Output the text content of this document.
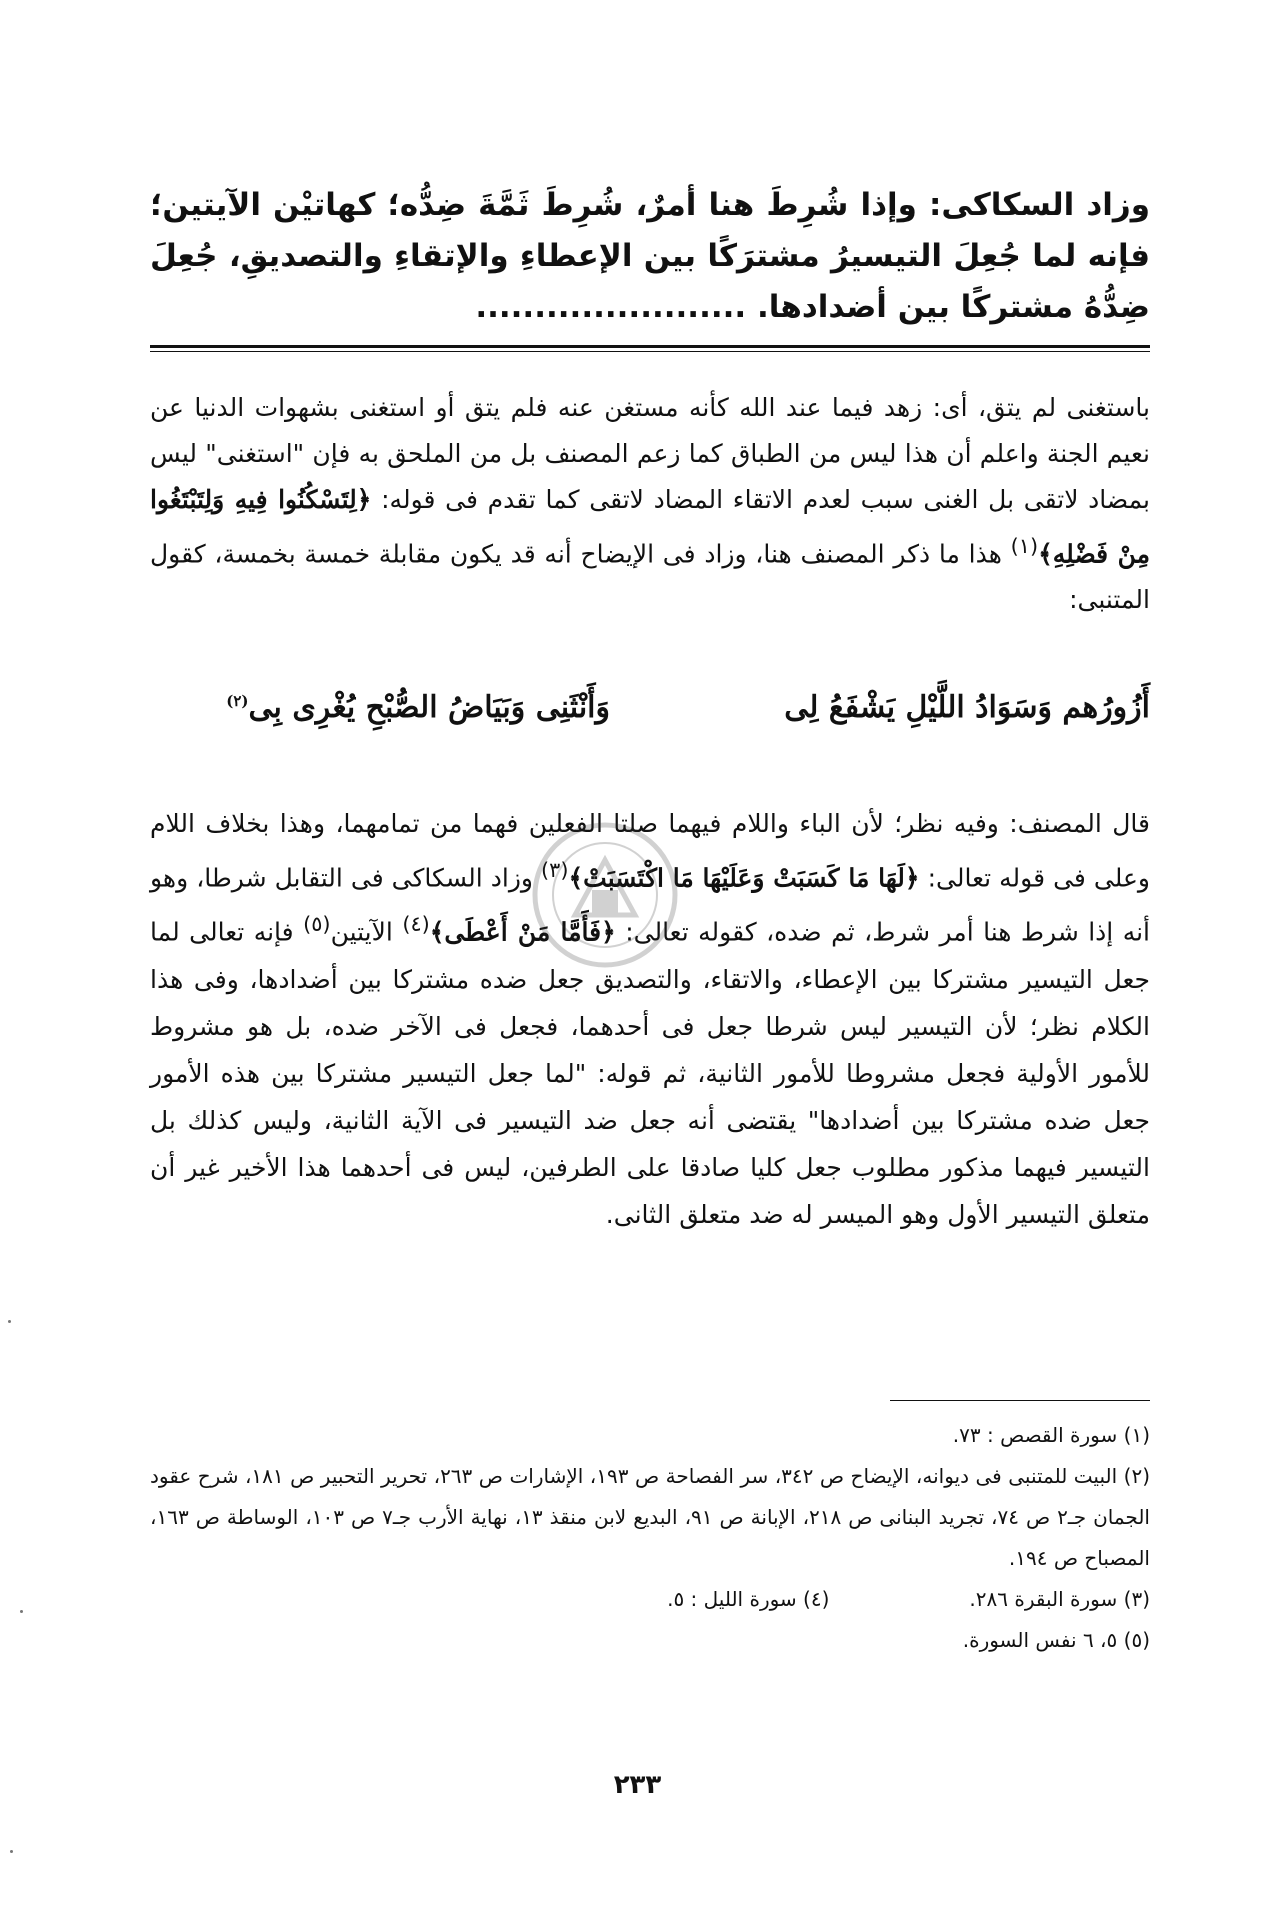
وزاد السكاكى: وإذا شُرِطَ هنا أمرٌ، شُرِطَ ثَمَّةَ ضِدُّه؛ كهاتيْن الآيتين؛ فإنه لما جُعِلَ التيسيرُ مشترَكًا بين الإعطاءِ والإتقاءِ والتصديقِ، جُعِلَ ضِدُّهُ مشتركًا بين أضدادها. .......................
باستغنى لم يتق، أى: زهد فيما عند الله كأنه مستغن عنه فلم يتق أو استغنى بشهوات الدنيا عن نعيم الجنة واعلم أن هذا ليس من الطباق كما زعم المصنف بل من الملحق به فإن "استغنى" ليس بمضاد لاتقى بل الغنى سبب لعدم الاتقاء المضاد لاتقى كما تقدم فى قوله: ﴿لِتَسْكُنُوا فِيهِ وَلِتَبْتَغُوا مِنْ فَضْلِهِ﴾$^{(١)}$ هذا ما ذكر المصنف هنا، وزاد فى الإيضاح أنه قد يكون مقابلة خمسة بخمسة، كقول المتنبى:
أَزُورُهم وَسَوَادُ اللَّيْلِ يَشْفَعُ لِى
وَأَنْثَنِى وَبَيَاضُ الصُّبْحِ يُغْرِى بِى$^{(٢)}$
قال المصنف: وفيه نظر؛ لأن الباء واللام فيهما صلتا الفعلين فهما من تمامهما، وهذا بخلاف اللام وعلى فى قوله تعالى: ﴿لَهَا مَا كَسَبَتْ وَعَلَيْهَا مَا اكْتَسَبَتْ﴾$^{(٣)}$ وزاد السكاكى فى التقابل شرطا، وهو أنه إذا شرط هنا أمر شرط، ثم ضده، كقوله تعالى: ﴿فَأَمَّا مَنْ أَعْطَى﴾$^{(٤)}$ الآيتين$^{(٥)}$ فإنه تعالى لما جعل التيسير مشتركا بين الإعطاء، والاتقاء، والتصديق جعل ضده مشتركا بين أضدادها، وفى هذا الكلام نظر؛ لأن التيسير ليس شرطا جعل فى أحدهما، فجعل فى الآخر ضده، بل هو مشروط للأمور الأولية فجعل مشروطا للأمور الثانية، ثم قوله: "لما جعل التيسير مشتركا بين هذه الأمور جعل ضده مشتركا بين أضدادها" يقتضى أنه جعل ضد التيسير فى الآية الثانية، وليس كذلك بل التيسير فيهما مذكور مطلوب جعل كليا صادقا على الطرفين، ليس فى أحدهما هذا الأخير غير أن متعلق التيسير الأول وهو الميسر له ضد متعلق الثانى.

(١) سورة القصص : ٧٣.

(٢) البيت للمتنبى فى ديوانه، الإيضاح ص ٣٤٢، سر الفصاحة ص ١٩٣، الإشارات ص ٢٦٣، تحرير التحبير ص ١٨١، شرح عقود الجمان جـ٢ ص ٧٤، تجريد البنانى ص ٢١٨، الإبانة ص ٩١، البديع لابن منقذ ١٣، نهاية الأرب جـ٧ ص ١٠٣، الوساطة ص ١٦٣، المصباح ص ١٩٤.

(٣) سورة البقرة ٢٨٦.
(٤) سورة الليل : ٥.

(٥) ٥، ٦ نفس السورة.

٢٣٣
